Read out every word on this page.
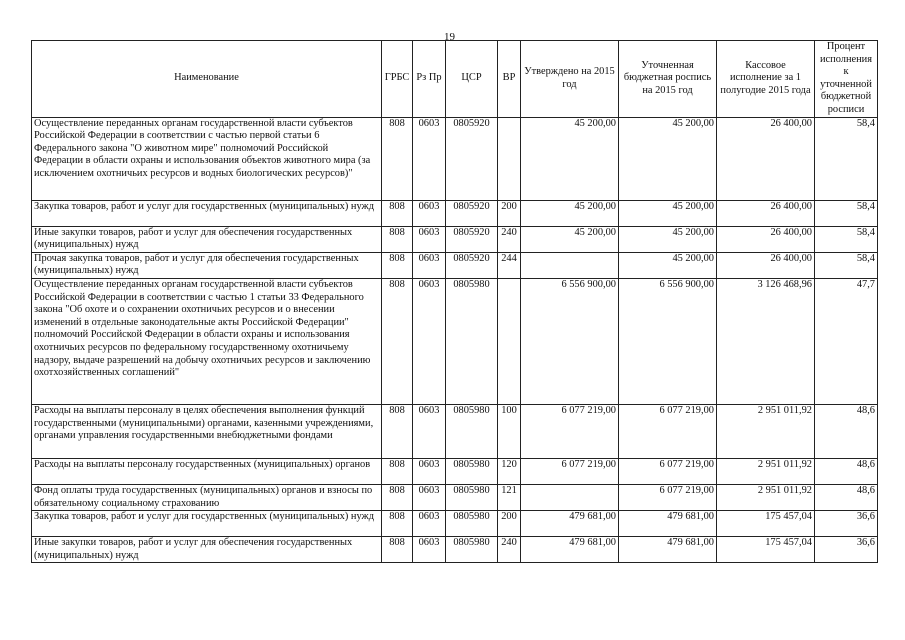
19
Наименование	ГРБС	Рз Пр	ЦСР	ВР	Утверждено на 2015 год	Уточненная бюджетная роспись на 2015 год	Кассовое исполнение за 1 полугодие 2015 года	Процент исполнения к уточненной бюджетной росписи
Осуществление переданных органам государственной власти субъектов Российской Федерации в соответствии с частью первой статьи 6 Федерального закона "О животном мире" полномочий Российской Федерации в области охраны и использования объектов животного мира (за исключением охотничьих ресурсов и водных биологических ресурсов)"	808	0603	0805920		45 200,00	45 200,00	26 400,00	58,4
Закупка товаров, работ и услуг для государственных (муниципальных) нужд	808	0603	0805920	200	45 200,00	45 200,00	26 400,00	58,4
Иные закупки товаров, работ и услуг для обеспечения государственных (муниципальных) нужд	808	0603	0805920	240	45 200,00	45 200,00	26 400,00	58,4
Прочая закупка товаров, работ и услуг для обеспечения государственных (муниципальных) нужд	808	0603	0805920	244		45 200,00	26 400,00	58,4
Осуществление переданных органам государственной власти субъектов Российской Федерации в соответствии с частью 1 статьи 33 Федерального закона "Об охоте и о сохранении охотничьих ресурсов и о внесении изменений в отдельные законодательные акты Российской Федерации" полномочий Российской Федерации в области охраны и использования охотничьих ресурсов по федеральному государственному охотничьему надзору, выдаче разрешений на добычу охотничьих ресурсов и заключению охотхозяйственных соглашений"	808	0603	0805980		6 556 900,00	6 556 900,00	3 126 468,96	47,7
Расходы на выплаты персоналу в целях обеспечения выполнения функций государственными (муниципальными) органами, казенными учреждениями, органами управления государственными внебюджетными фондами	808	0603	0805980	100	6 077 219,00	6 077 219,00	2 951 011,92	48,6
Расходы на выплаты персоналу государственных (муниципальных) органов	808	0603	0805980	120	6 077 219,00	6 077 219,00	2 951 011,92	48,6
Фонд оплаты труда государственных (муниципальных) органов и взносы по обязательному социальному страхованию	808	0603	0805980	121		6 077 219,00	2 951 011,92	48,6
Закупка товаров, работ и услуг для государственных (муниципальных) нужд	808	0603	0805980	200	479 681,00	479 681,00	175 457,04	36,6
Иные закупки товаров, работ и услуг для обеспечения государственных (муниципальных) нужд	808	0603	0805980	240	479 681,00	479 681,00	175 457,04	36,6
